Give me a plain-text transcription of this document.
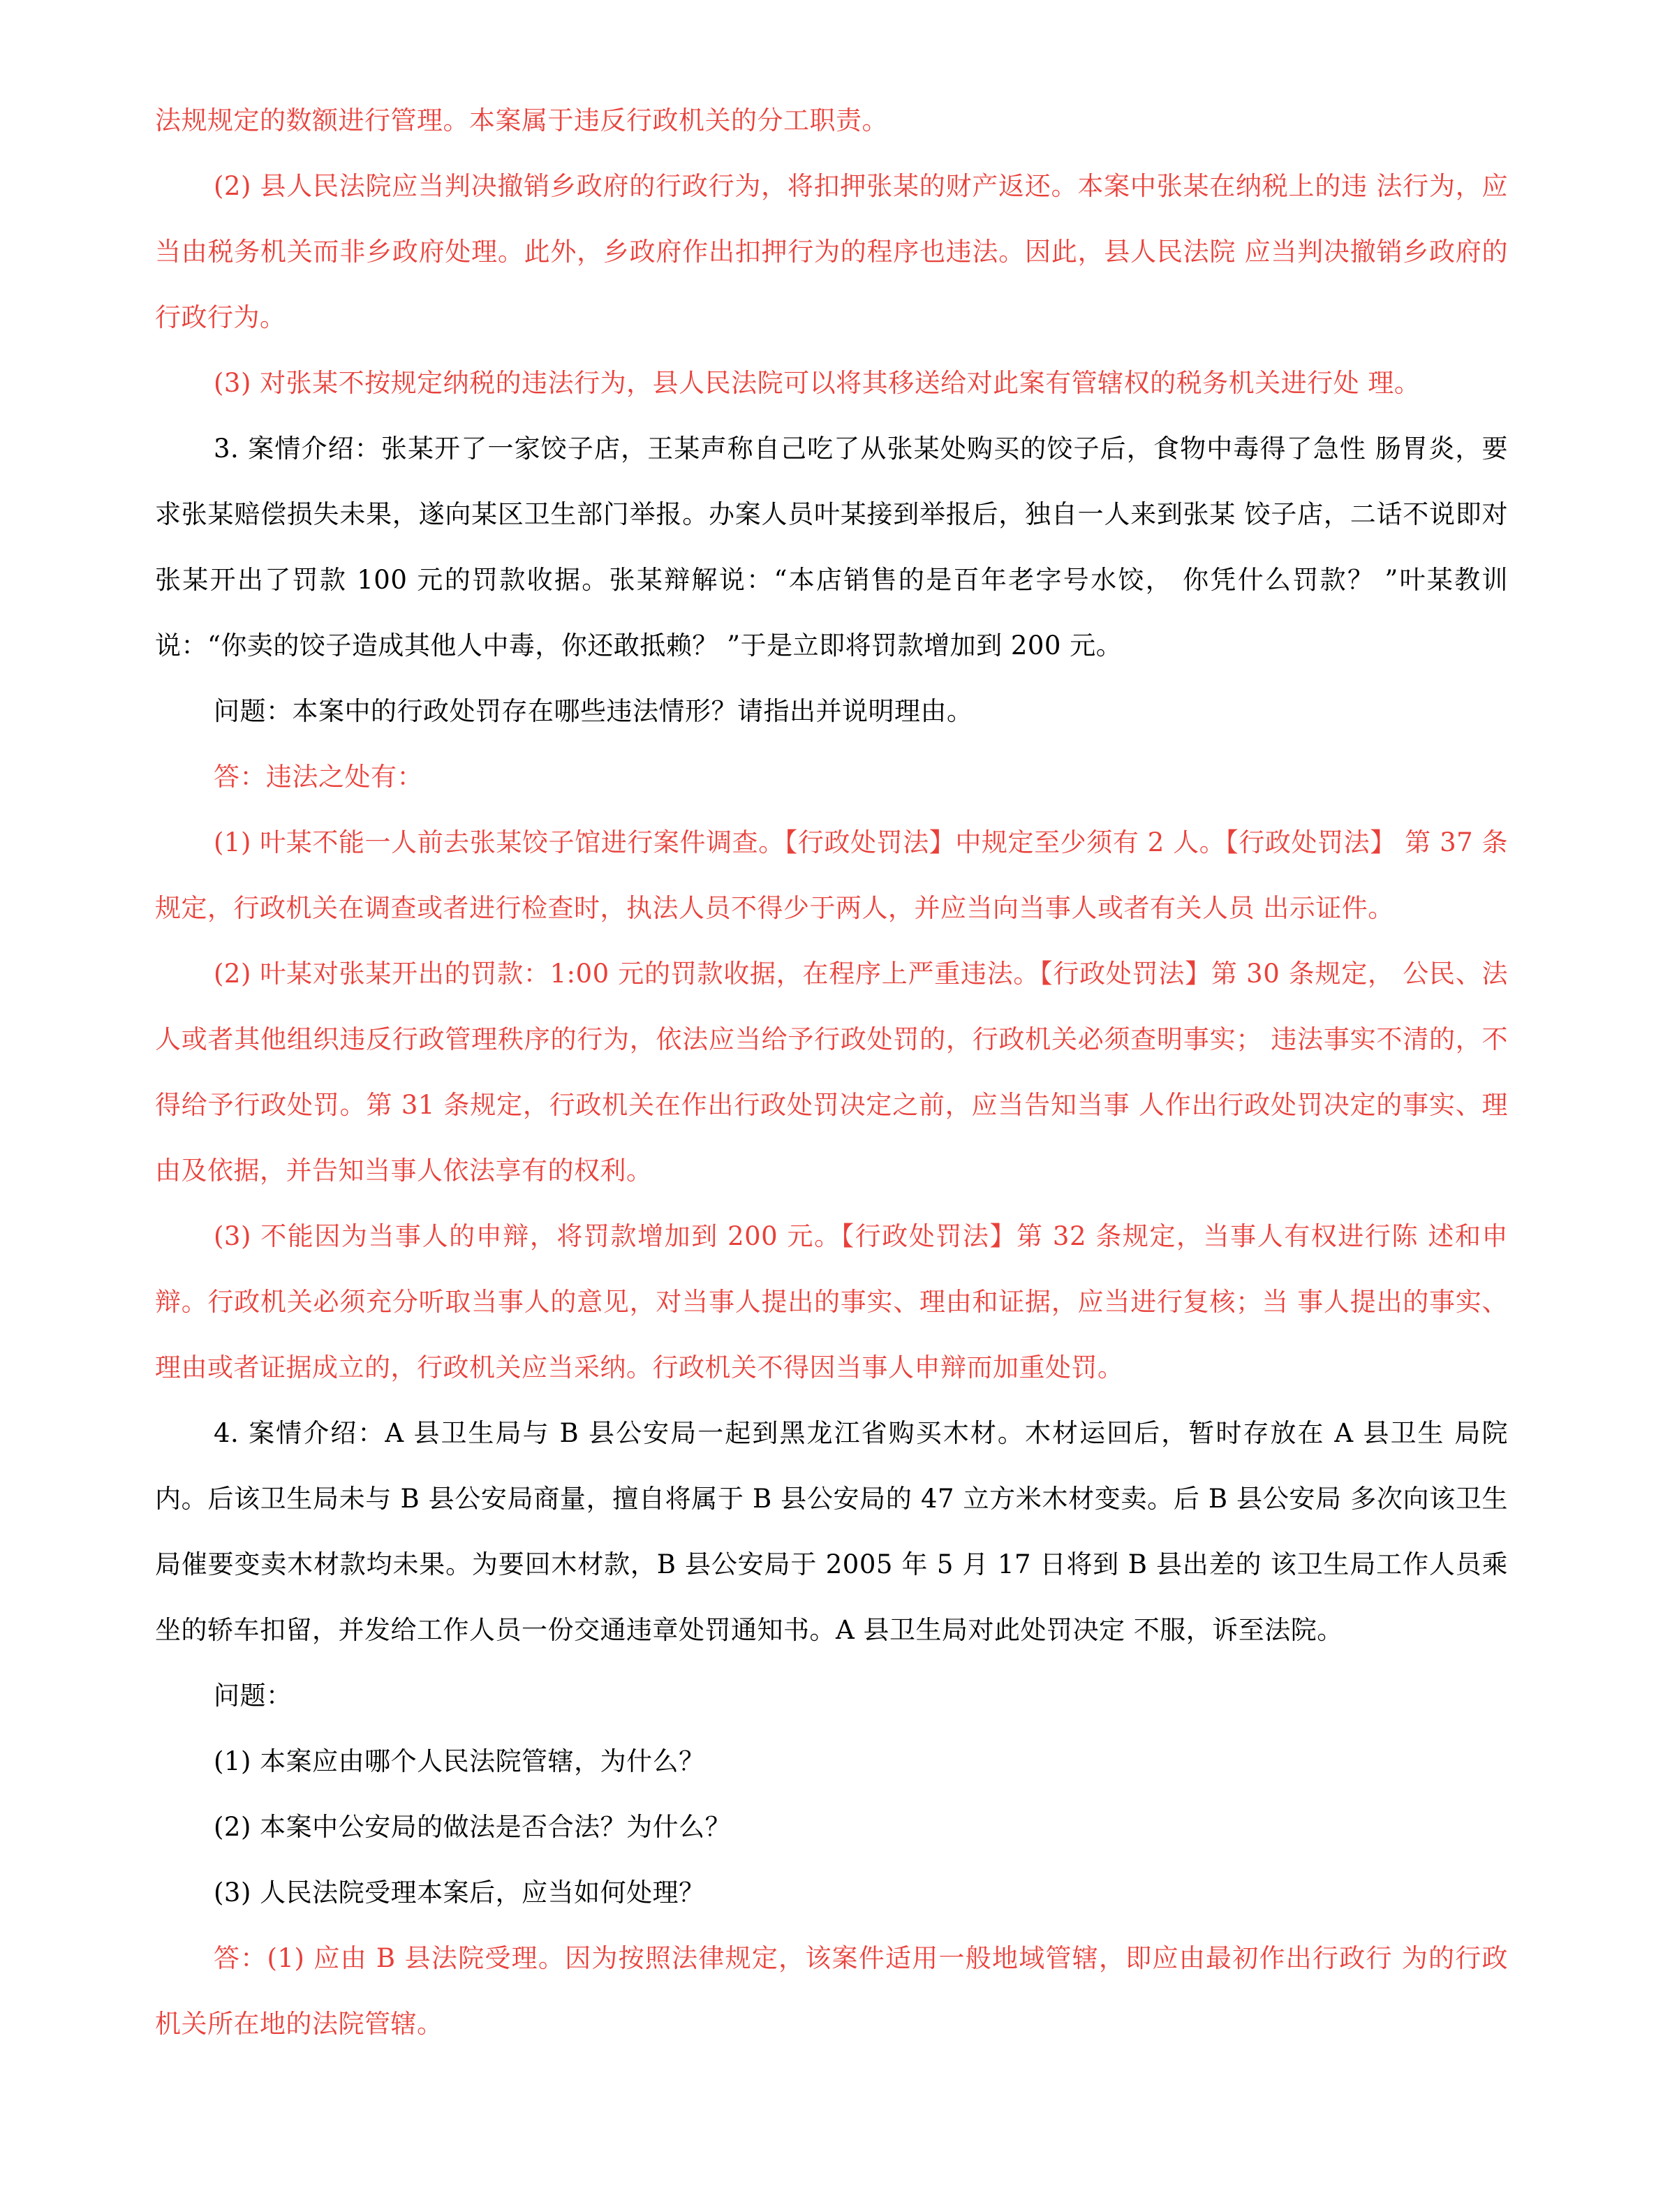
法规规定的数额进行管理。本案属于违反行政机关的分工职责。

(2) 县人民法院应当判决撤销乡政府的行政行为，将扣押张某的财产返还。本案中张某在纳税上的违 法行为，应当由税务机关而非乡政府处理。此外，乡政府作出扣押行为的程序也违法。因此，县人民法院 应当判决撤销乡政府的行政行为。

(3) 对张某不按规定纳税的违法行为，县人民法院可以将其移送给对此案有管辖权的税务机关进行处 理。

3. 案情介绍：张某开了一家饺子店，王某声称自己吃了从张某处购买的饺子后，食物中毒得了急性 肠胃炎，要求张某赔偿损失未果，遂向某区卫生部门举报。办案人员叶某接到举报后，独自一人来到张某 饺子店，二话不说即对张某开出了罚款 100 元的罚款收据。张某辩解说：“本店销售的是百年老字号水饺， 你凭什么罚款？ ”叶某教训说：“你卖的饺子造成其他人中毒，你还敢抵赖？ ”于是立即将罚款增加到 200 元。

问题：本案中的行政处罚存在哪些违法情形？请指出并说明理由。

答：违法之处有：

(1) 叶某不能一人前去张某饺子馆进行案件调查。【行政处罚法】中规定至少须有 2 人。【行政处罚法】 第 37 条规定，行政机关在调查或者进行检查时，执法人员不得少于两人，并应当向当事人或者有关人员 出示证件。

(2) 叶某对张某开出的罚款：1:00 元的罚款收据，在程序上严重违法。【行政处罚法】第 30 条规定， 公民、法人或者其他组织违反行政管理秩序的行为，依法应当给予行政处罚的，行政机关必须查明事实； 违法事实不清的，不得给予行政处罚。第 31 条规定，行政机关在作出行政处罚决定之前，应当告知当事 人作出行政处罚决定的事实、理由及依据，并告知当事人依法享有的权利。

(3) 不能因为当事人的申辩，将罚款增加到 200 元。【行政处罚法】第 32 条规定，当事人有权进行陈 述和申辩。行政机关必须充分听取当事人的意见，对当事人提出的事实、理由和证据，应当进行复核；当 事人提出的事实、理由或者证据成立的，行政机关应当采纳。行政机关不得因当事人申辩而加重处罚。

4. 案情介绍：A 县卫生局与 B 县公安局一起到黑龙江省购买木材。木材运回后，暂时存放在 A 县卫生 局院内。后该卫生局未与 B 县公安局商量，擅自将属于 B 县公安局的 47 立方米木材变卖。后 B 县公安局 多次向该卫生局催要变卖木材款均未果。为要回木材款，B 县公安局于 2005 年 5 月 17 日将到 B 县出差的 该卫生局工作人员乘坐的轿车扣留，并发给工作人员一份交通违章处罚通知书。A 县卫生局对此处罚决定 不服，诉至法院。

问题：

(1) 本案应由哪个人民法院管辖，为什么？

(2) 本案中公安局的做法是否合法？为什么？

(3) 人民法院受理本案后，应当如何处理？

答：(1) 应由 B 县法院受理。因为按照法律规定，该案件适用一般地域管辖，即应由最初作出行政行 为的行政机关所在地的法院管辖。
